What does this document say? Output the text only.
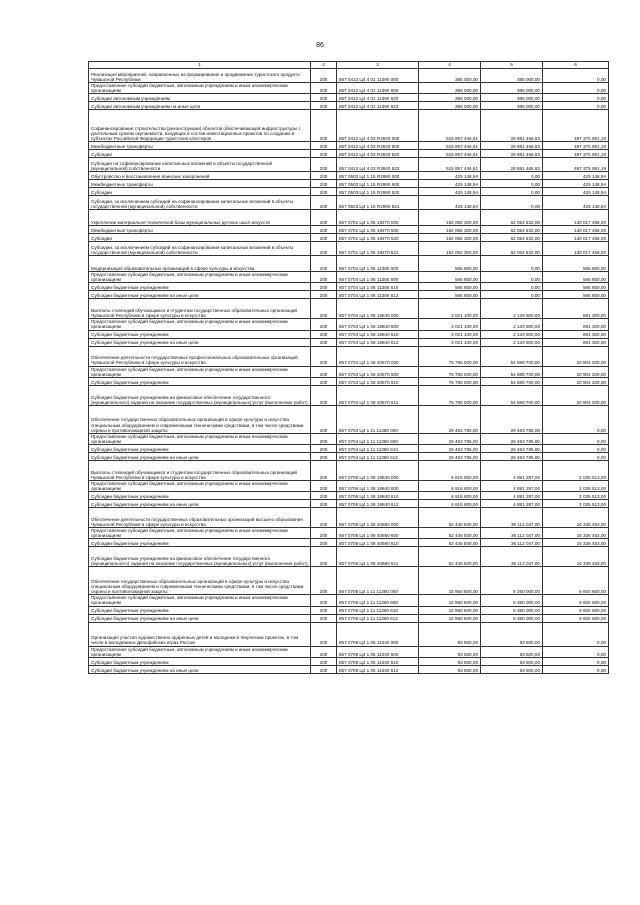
86
1	2	3	4	5	6
Реализация мероприятий, направленных на формирование и продвижение туристского продукта Чувашской Республики	200	857 0412 Ц4 4 01 11390 000	385 000,00	385 000,00	0,00
Предоставление субсидий бюджетным, автономным учреждениям и иным некоммерческим организациям	200	857 0412 Ц4 4 01 11390 600	385 000,00	385 000,00	0,00
Субсидии автономным учреждениям	200	857 0412 Ц4 4 01 11390 620	385 000,00	385 000,00	0,00
Субсидии автономным учреждениям на иные цели	200	857 0412 Ц4 4 01 11390 622	385 000,00	385 000,00	0,00
Софинансирование строительства (реконструкции) объектов обеспечивающей инфраструктуры с длительным сроком окупаемости, входящих в состав инвестиционных проектов по созданию в субъектах Российской Федерации туристских кластеров	200	857 0412 Ц4 4 03 R3840 000	515 957 446,81	28 581 465,63	487 375 981,18
Межбюджетные трансферты	200	857 0412 Ц4 4 03 R3840 500	515 957 446,81	28 581 465,63	487 375 981,18
Субсидии	200	857 0412 Ц4 4 03 R3840 520	515 957 446,81	28 581 465,63	487 375 981,18
Субсидии на софинансирование капитальных вложений в объекты государственной (муниципальной) собственности	200	857 0412 Ц4 4 03 R3840 522	515 957 446,81	28 581 465,63	487 375 981,18
Обустройство и восстановление воинских захоронений	200	857 0503 Ц4 1 15 R2990 000	425 148,94	0,00	425 148,94
Межбюджетные трансферты	200	857 0503 Ц4 1 15 R2990 500	425 148,94	0,00	425 148,94
Субсидии	200	857 0503 Ц4 1 15 R2990 520	425 148,94	0,00	425 148,94
Субсидии, за исключением субсидий на софинансирование капитальных вложений в объекты государственной (муниципальной) собственности	200	857 0503 Ц4 1 15 R2990 521	425 148,94	0,00	425 148,94
Укрепление материально-технической базы муниципальных детских школ искусств	200	857 0701 Ц4 1 06 19270 000	192 082 300,00	62 064 832,00	130 017 468,00
Межбюджетные трансферты	200	857 0701 Ц4 1 06 19270 500	192 082 300,00	62 064 832,00	130 017 468,00
Субсидии	200	857 0701 Ц4 1 06 19270 520	192 082 300,00	62 064 832,00	130 017 468,00
Субсидии, за исключением субсидий на софинансирование капитальных вложений в объекты государственной (муниципальной) собственности	200	857 0701 Ц4 1 06 19270 521	192 082 300,00	62 064 832,00	130 017 468,00
Модернизация образовательных организаций в сфере культуры и искусства	200	857 0704 Ц4 1 06 11380 000	565 800,00	0,00	565 800,00
Предоставление субсидий бюджетным, автономным учреждениям и иным некоммерческим организациям	200	857 0704 Ц4 1 06 11380 600	565 800,00	0,00	565 800,00
Субсидии бюджетным учреждениям	200	857 0704 Ц4 1 06 11380 610	565 800,00	0,00	565 800,00
Субсидии бюджетным учреждениям на иные цели	200	857 0704 Ц4 1 06 11380 612	565 800,00	0,00	565 800,00
Выплаты стипендий обучающимся и студентам государственных образовательных организаций Чувашской Республики в сфере культуры и искусства	200	857 0704 Ц4 1 08 18840 000	3 021 100,00	2 129 800,00	891 300,00
Предоставление субсидий бюджетным, автономным учреждениям и иным некоммерческим организациям	200	857 0704 Ц4 1 08 18840 600	3 021 100,00	2 129 800,00	891 300,00
Субсидии бюджетным учреждениям	200	857 0704 Ц4 1 08 18840 610	3 021 100,00	2 129 800,00	891 300,00
Субсидии бюджетным учреждениям на иные цели	200	857 0704 Ц4 1 08 18840 612	3 021 100,00	2 129 800,00	891 300,00
Обеспечение деятельности государственных профессиональных образовательных организаций Чувашской Республики в сфере культуры и искусства	200	857 0704 Ц4 1 08 40670 000	75 785 000,00	54 880 700,00	20 904 300,00
Предоставление субсидий бюджетным, автономным учреждениям и иным некоммерческим организациям	200	857 0704 Ц4 1 08 40670 600	75 785 000,00	54 880 700,00	20 904 300,00
Субсидии бюджетным учреждениям	200	857 0704 Ц4 1 08 40670 610	75 785 000,00	54 880 700,00	20 904 300,00
Субсидии бюджетным учреждениям на финансовое обеспечение государственного (муниципального) задания на оказание государственных (муниципальных) услуг (выполнение работ)	200	857 0704 Ц4 1 08 40670 611	75 785 000,00	54 880 700,00	20 904 300,00
Обеспечение государственных образовательных организаций в сфере культуры и искусства специальным оборудованием и современными техническими средствами, в том числе средствами охраны и противопожарной защиты	200	857 0704 Ц4 1 11 11380 000	29 483 785,00	29 483 785,00	0,00
Предоставление субсидий бюджетным, автономным учреждениям и иным некоммерческим организациям	200	857 0704 Ц4 1 11 11380 600	29 483 785,00	29 483 785,00	0,00
Субсидии бюджетным учреждениям	200	857 0704 Ц4 1 11 11380 610	29 483 785,00	29 483 785,00	0,00
Субсидии бюджетным учреждениям на иные цели	200	857 0704 Ц4 1 11 11380 612	29 483 785,00	29 483 785,00	0,00
Выплаты стипендий обучающимся и студентам государственных образовательных организаций Чувашской Республики в сфере культуры и искусства	200	857 0706 Ц4 1 08 18840 000	6 916 800,00	4 881 287,00	2 035 513,00
Предоставление субсидий бюджетным, автономным учреждениям и иным некоммерческим организациям	200	857 0706 Ц4 1 08 18840 600	6 916 800,00	4 881 287,00	2 035 513,00
Субсидии бюджетным учреждениям	200	857 0706 Ц4 1 08 18840 610	6 916 800,00	4 881 287,00	2 035 513,00
Субсидии бюджетным учреждениям на иные цели	200	857 0706 Ц4 1 08 18840 612	6 916 800,00	4 881 287,00	2 035 513,00
Обеспечение деятельности государственных образовательных организаций высшего образования Чувашской Республики в сфере культуры и искусства	200	857 0706 Ц4 1 08 40680 000	52 448 500,00	36 112 047,00	16 336 453,00
Предоставление субсидий бюджетным, автономным учреждениям и иным некоммерческим организациям	200	857 0706 Ц4 1 08 40680 600	52 448 500,00	36 112 047,00	16 336 453,00
Субсидии бюджетным учреждениям	200	857 0706 Ц4 1 08 40680 610	52 448 500,00	36 112 047,00	16 336 453,00
Субсидии бюджетным учреждениям на финансовое обеспечение государственного (муниципального) задания на оказание государственных (муниципальных) услуг (выполнение работ)	200	857 0706 Ц4 1 08 40680 611	52 448 500,00	36 112 047,00	16 336 453,00
Обеспечение государственных образовательных организаций в сфере культуры и искусства специальным оборудованием и современными техническими средствами, в том числе средствами охраны и противопожарной защиты	200	857 0706 Ц4 1 11 11380 000	15 950 600,00	9 350 000,00	6 600 600,00
Предоставление субсидий бюджетным, автономным учреждениям и иным некоммерческим организациям	200	857 0706 Ц4 1 11 11380 600	15 950 600,00	9 350 000,00	6 600 600,00
Субсидии бюджетным учреждениям	200	857 0706 Ц4 1 11 11380 610	15 950 600,00	9 350 000,00	6 600 600,00
Субсидии бюджетным учреждениям на иные цели	200	857 0706 Ц4 1 11 11380 612	15 950 600,00	9 350 000,00	6 600 600,00
Организация участия художественно одаренных детей и молодежи в творческих проектах, в том числе в молодежных Дельфийских играх России	200	857 0709 Ц4 1 06 11040 000	93 500,00	93 500,00	0,00
Предоставление субсидий бюджетным, автономным учреждениям и иным некоммерческим организациям	200	857 0709 Ц4 1 06 11040 600	93 500,00	93 500,00	0,00
Субсидии бюджетным учреждениям	200	857 0709 Ц4 1 06 11040 610	93 500,00	93 500,00	0,00
Субсидии бюджетным учреждениям на иные цели	200	857 0709 Ц4 1 06 11040 612	93 500,00	93 500,00	0,00
